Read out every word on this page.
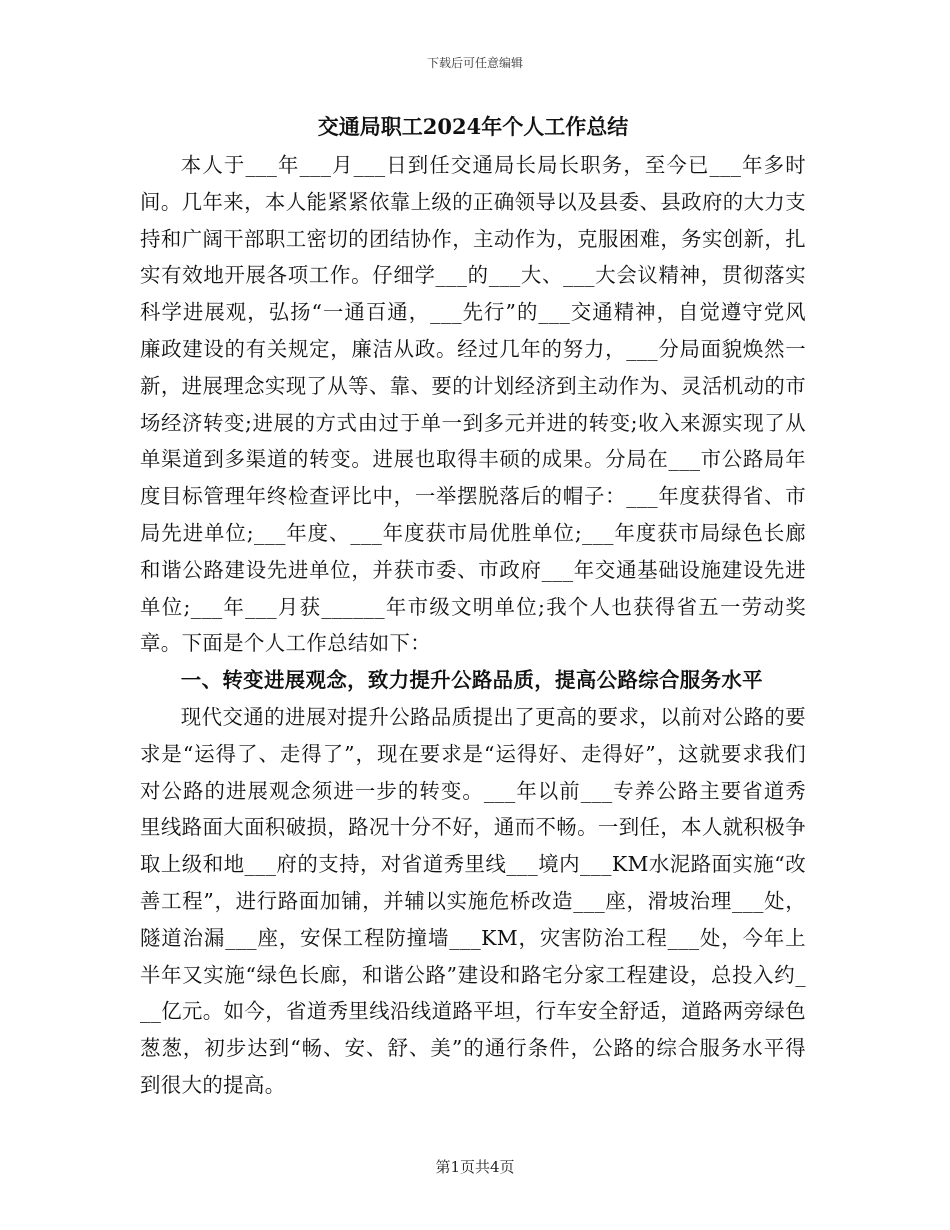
下载后可任意编辑
交通局职工2024年个人工作总结

本人于___年___月___日到任交通局长局长职务，至今已___年多时间。几年来，本人能紧紧依靠上级的正确领导以及县委、县政府的大力支持和广阔干部职工密切的团结协作，主动作为，克服困难，务实创新，扎实有效地开展各项工作。仔细学___的___大、___大会议精神，贯彻落实科学进展观，弘扬“一通百通，___先行”的___交通精神，自觉遵守党风廉政建设的有关规定，廉洁从政。经过几年的努力，___分局面貌焕然一新，进展理念实现了从等、靠、要的计划经济到主动作为、灵活机动的市场经济转变;进展的方式由过于单一到多元并进的转变;收入来源实现了从单渠道到多渠道的转变。进展也取得丰硕的成果。分局在___市公路局年度目标管理年终检查评比中，一举摆脱落后的帽子：___年度获得省、市局先进单位;___年度、___年度获市局优胜单位;___年度获市局绿色长廊和谐公路建设先进单位，并获市委、市政府___年交通基础设施建设先进单位;___年___月获______年市级文明单位;我个人也获得省五一劳动奖章。下面是个人工作总结如下：

一、转变进展观念，致力提升公路品质，提高公路综合服务水平

现代交通的进展对提升公路品质提出了更高的要求，以前对公路的要求是“运得了、走得了”，现在要求是“运得好、走得好”，这就要求我们对公路的进展观念须进一步的转变。___年以前___专养公路主要省道秀里线路面大面积破损，路况十分不好，通而不畅。一到任，本人就积极争取上级和地___府的支持，对省道秀里线___境内___KM水泥路面实施“改善工程”，进行路面加铺，并辅以实施危桥改造___座，滑坡治理___处，隧道治漏___座，安保工程防撞墙___KM，灾害防治工程___处，今年上半年又实施“绿色长廊，和谐公路”建设和路宅分家工程建设，总投入约___亿元。如今，省道秀里线沿线道路平坦，行车安全舒适，道路两旁绿色葱葱，初步达到“畅、安、舒、美”的通行条件，公路的综合服务水平得到很大的提高。

第1页共4页
